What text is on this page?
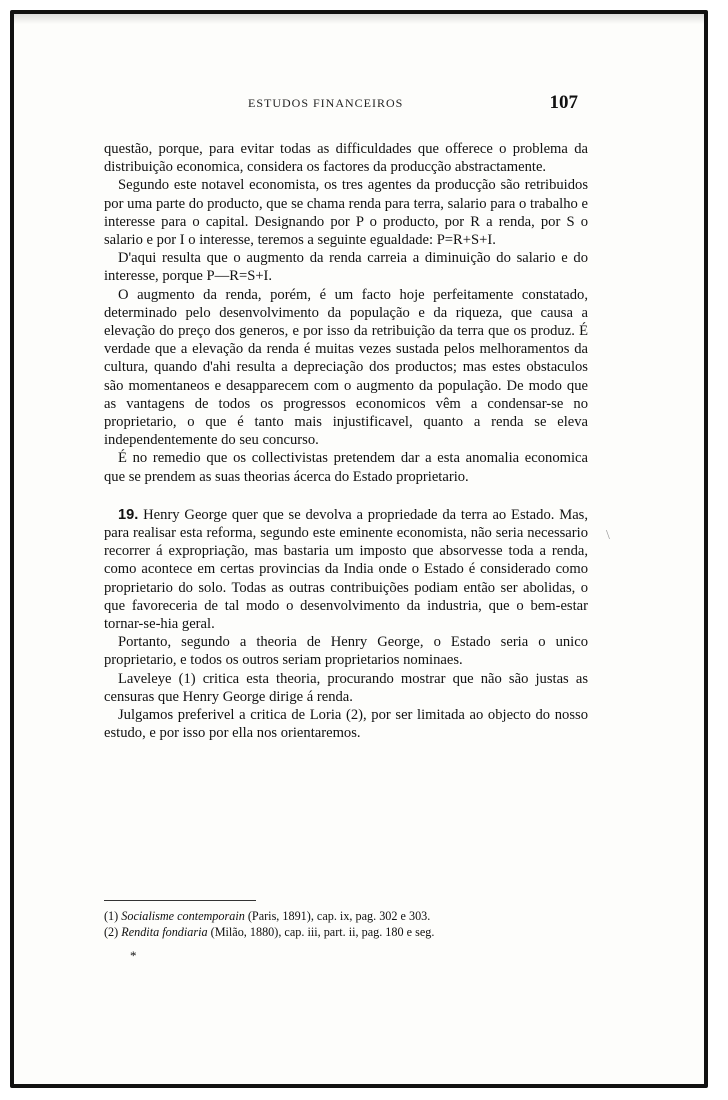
ESTUDOS FINANCEIROS	107

questão, porque, para evitar todas as difficuldades que offerece o problema da distribuição economica, considera os factores da producção abstractamente.

Segundo este notavel economista, os tres agentes da producção são retribuidos por uma parte do producto, que se chama renda para terra, salario para o trabalho e interesse para o capital. Designando por P o producto, por R a renda, por S o salario e por I o interesse, teremos a seguinte egualdade: P=R+S+I.

D'aqui resulta que o augmento da renda carreia a diminuição do salario e do interesse, porque P—R=S+I.

O augmento da renda, porém, é um facto hoje perfeitamente constatado, determinado pelo desenvolvimento da população e da riqueza, que causa a elevação do preço dos generos, e por isso da retribuição da terra que os produz. É verdade que a elevação da renda é muitas vezes sustada pelos melhoramentos da cultura, quando d'ahi resulta a depreciação dos productos; mas estes obstaculos são momentaneos e desapparecem com o augmento da população. De modo que as vantagens de todos os progressos economicos vêm a condensar-se no proprietario, o que é tanto mais injustificavel, quanto a renda se eleva independentemente do seu concurso.

É no remedio que os collectivistas pretendem dar a esta anomalia economica que se prendem as suas theorias ácerca do Estado proprietario.

19. Henry George quer que se devolva a propriedade da terra ao Estado. Mas, para realisar esta reforma, segundo este eminente economista, não seria necessario recorrer á expropriação, mas bastaria um imposto que absorvesse toda a renda, como acontece em certas provincias da India onde o Estado é considerado como proprietario do solo. Todas as outras contribuições podiam então ser abolidas, o que favoreceria de tal modo o desenvolvimento da industria, que o bem-estar tornar-se-hia geral.

Portanto, segundo a theoria de Henry George, o Estado seria o unico proprietario, e todos os outros seriam proprietarios nominaes.

Laveleye (1) critica esta theoria, procurando mostrar que não são justas as censuras que Henry George dirige á renda.

Julgamos preferivel a critica de Loria (2), por ser limitada ao objecto do nosso estudo, e por isso por ella nos orientaremos.

(1) Socialisme contemporain (Paris, 1891), cap. ix, pag. 302 e 303.
(2) Rendita fondiaria (Milão, 1880), cap. iii, part. ii, pag. 180 e seg.
*
\
